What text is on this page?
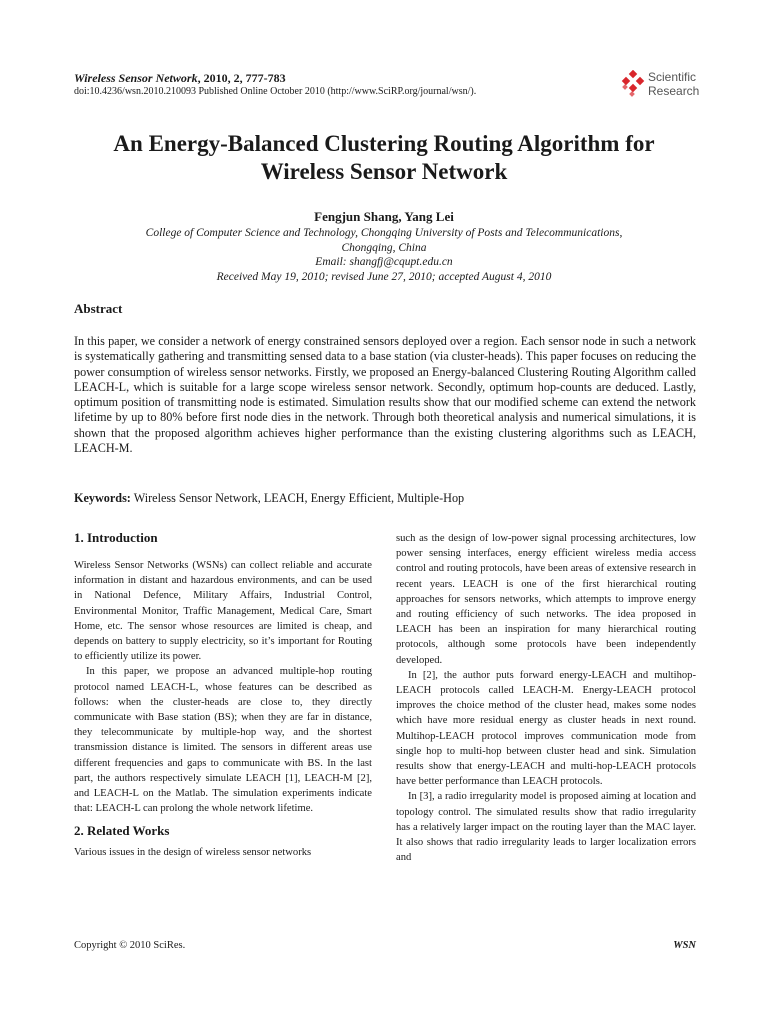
Wireless Sensor Network, 2010, 2, 777-783
doi:10.4236/wsn.2010.210093 Published Online October 2010 (http://www.SciRP.org/journal/wsn/).
Scientific
Research
An Energy-Balanced Clustering Routing Algorithm for
Wireless Sensor Network
Fengjun Shang, Yang Lei
College of Computer Science and Technology, Chongqing University of Posts and Telecommunications,
Chongqing, China
Email: shangfj@cqupt.edu.cn
Received May 19, 2010; revised June 27, 2010; accepted August 4, 2010
Abstract
In this paper, we consider a network of energy constrained sensors deployed over a region. Each sensor node in such a network is systematically gathering and transmitting sensed data to a base station (via cluster-heads). This paper focuses on reducing the power consumption of wireless sensor networks. Firstly, we proposed an Energy-balanced Clustering Routing Algorithm called LEACH-L, which is suitable for a large scope wireless sensor network. Secondly, optimum hop-counts are deduced. Lastly, optimum position of transmitting node is estimated. Simulation results show that our modified scheme can extend the network lifetime by up to 80% before first node dies in the network. Through both theoretical analysis and numerical simulations, it is shown that the proposed algorithm achieves higher performance than the existing clustering algorithms such as LEACH, LEACH-M.
Keywords: Wireless Sensor Network, LEACH, Energy Efficient, Multiple-Hop
1. Introduction

Wireless Sensor Networks (WSNs) can collect reliable and accurate information in distant and hazardous environments, and can be used in National Defence, Military Affairs, Industrial Control, Environmental Monitor, Traffic Management, Medical Care, Smart Home, etc. The sensor whose resources are limited is cheap, and depends on battery to supply electricity, so it’s important for Routing to efficiently utilize its power.

In this paper, we propose an advanced multiple-hop routing protocol named LEACH-L, whose features can be described as follows: when the cluster-heads are close to, they directly communicate with Base station (BS); when they are far in distance, they telecommunicate by multiple-hop way, and the shortest transmission distance is limited. The sensors in different areas use different frequencies and gaps to communicate with BS. In the last part, the authors respectively simulate LEACH [1], LEACH-M [2], and LEACH-L on the Matlab. The simulation experiments indicate that: LEACH-L can prolong the whole network lifetime.

2. Related Works

Various issues in the design of wireless sensor networks

such as the design of low-power signal processing architectures, low power sensing interfaces, energy efficient wireless media access control and routing protocols, have been areas of extensive research in recent years. LEACH is one of the first hierarchical routing approaches for sensors networks, which attempts to improve energy and routing efficiency of such networks. The idea proposed in LEACH has been an inspiration for many hierarchical routing protocols, although some protocols have been independently developed.

In [2], the author puts forward energy-LEACH and multihop-LEACH protocols called LEACH-M. Energy-LEACH protocol improves the choice method of the cluster head, makes some nodes which have more residual energy as cluster heads in next round. Multihop-LEACH protocol improves communication mode from single hop to multi-hop between cluster head and sink. Simulation results show that energy-LEACH and multi-hop-LEACH protocols have better performance than LEACH protocols.

In [3], a radio irregularity model is proposed aiming at location and topology control. The simulated results show that radio irregularity has a relatively larger impact on the routing layer than the MAC layer. It also shows that radio irregularity leads to larger localization errors and

Copyright © 2010 SciRes.	WSN
